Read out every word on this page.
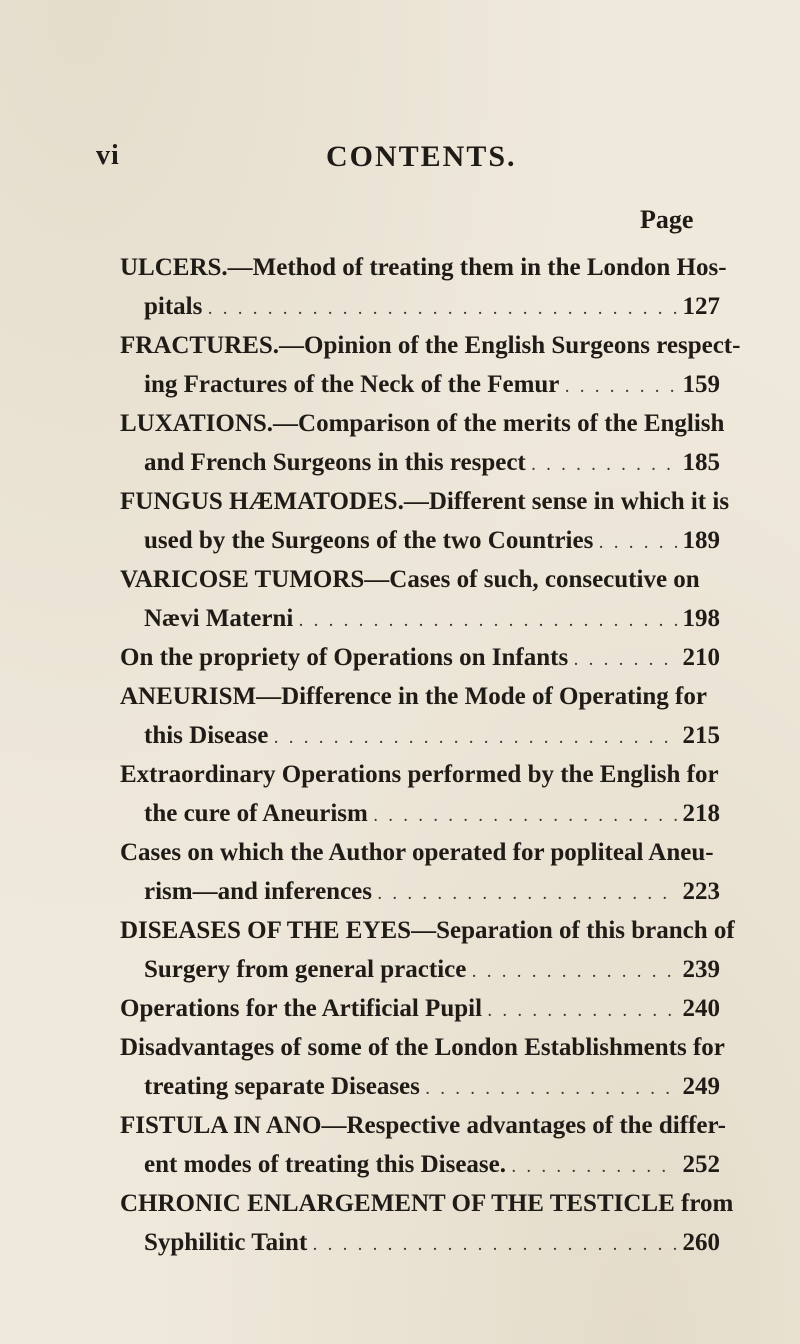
vi	CONTENTS.
Page
ULCERS.—Method of treating them in the London Hos-
pitals . . .	127
FRACTURES.—Opinion of the English Surgeons respect-
ing Fractures of the Neck of the Femur . . .	159
LUXATIONS.—Comparison of the merits of the English
and French Surgeons in this respect . . .	185
FUNGUS HÆMATODES.—Different sense in which it is
used by the Surgeons of the two Countries . . .	189
VARICOSE TUMORS—Cases of such, consecutive on
Nævi Materni . . .	198
On the propriety of Operations on Infants . . .	210
ANEURISM—Difference in the Mode of Operating for
this Disease . . .	215
Extraordinary Operations performed by the English for
the cure of Aneurism . . .	218
Cases on which the Author operated for popliteal Aneu-
rism—and inferences . . .	223
DISEASES OF THE EYES—Separation of this branch of
Surgery from general practice . . .	239
Operations for the Artificial Pupil . . .	240
Disadvantages of some of the London Establishments for
treating separate Diseases . . .	249
FISTULA IN ANO—Respective advantages of the differ-
ent modes of treating this Disease. . . .	252
CHRONIC ENLARGEMENT OF THE TESTICLE from
Syphilitic Taint . . .	260
